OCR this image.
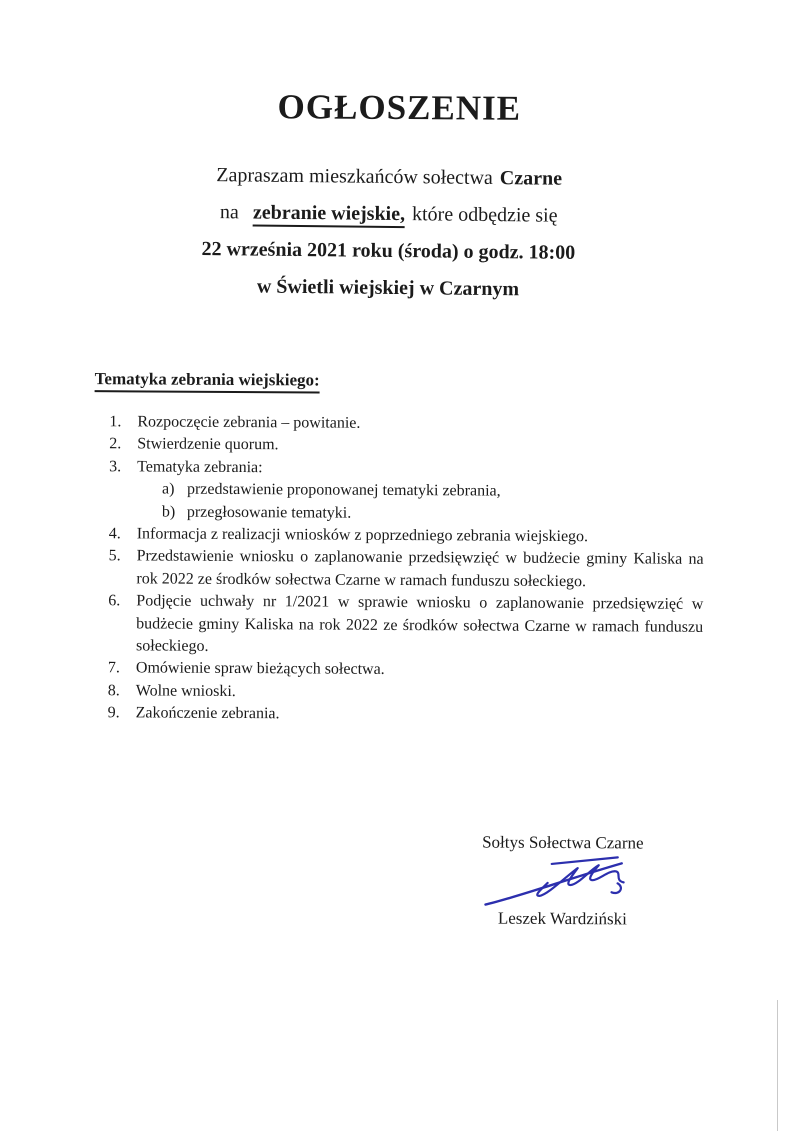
OGŁOSZENIE
Zapraszam mieszkańców sołectwa Czarne
na zebranie wiejskie, które odbędzie się
22 września 2021 roku (środa) o godz. 18:00
w Świetli wiejskiej w Czarnym
Tematyka zebrania wiejskiego:
1. Rozpoczęcie zebrania – powitanie.
2. Stwierdzenie quorum.
3. Tematyka zebrania:
a) przedstawienie proponowanej tematyki zebrania,
b) przegłosowanie tematyki.
4. Informacja z realizacji wniosków z poprzedniego zebrania wiejskiego.
5. Przedstawienie wniosku o zaplanowanie przedsięwzięć w budżecie gminy Kaliska na
rok 2022 ze środków sołectwa Czarne w ramach funduszu sołeckiego.
6. Podjęcie uchwały nr 1/2021 w sprawie wniosku o zaplanowanie przedsięwzięć w
budżecie gminy Kaliska na rok 2022 ze środków sołectwa Czarne w ramach funduszu
sołeckiego.
7. Omówienie spraw bieżących sołectwa.
8. Wolne wnioski.
9. Zakończenie zebrania.
Sołtys Sołectwa Czarne
Leszek Wardziński
